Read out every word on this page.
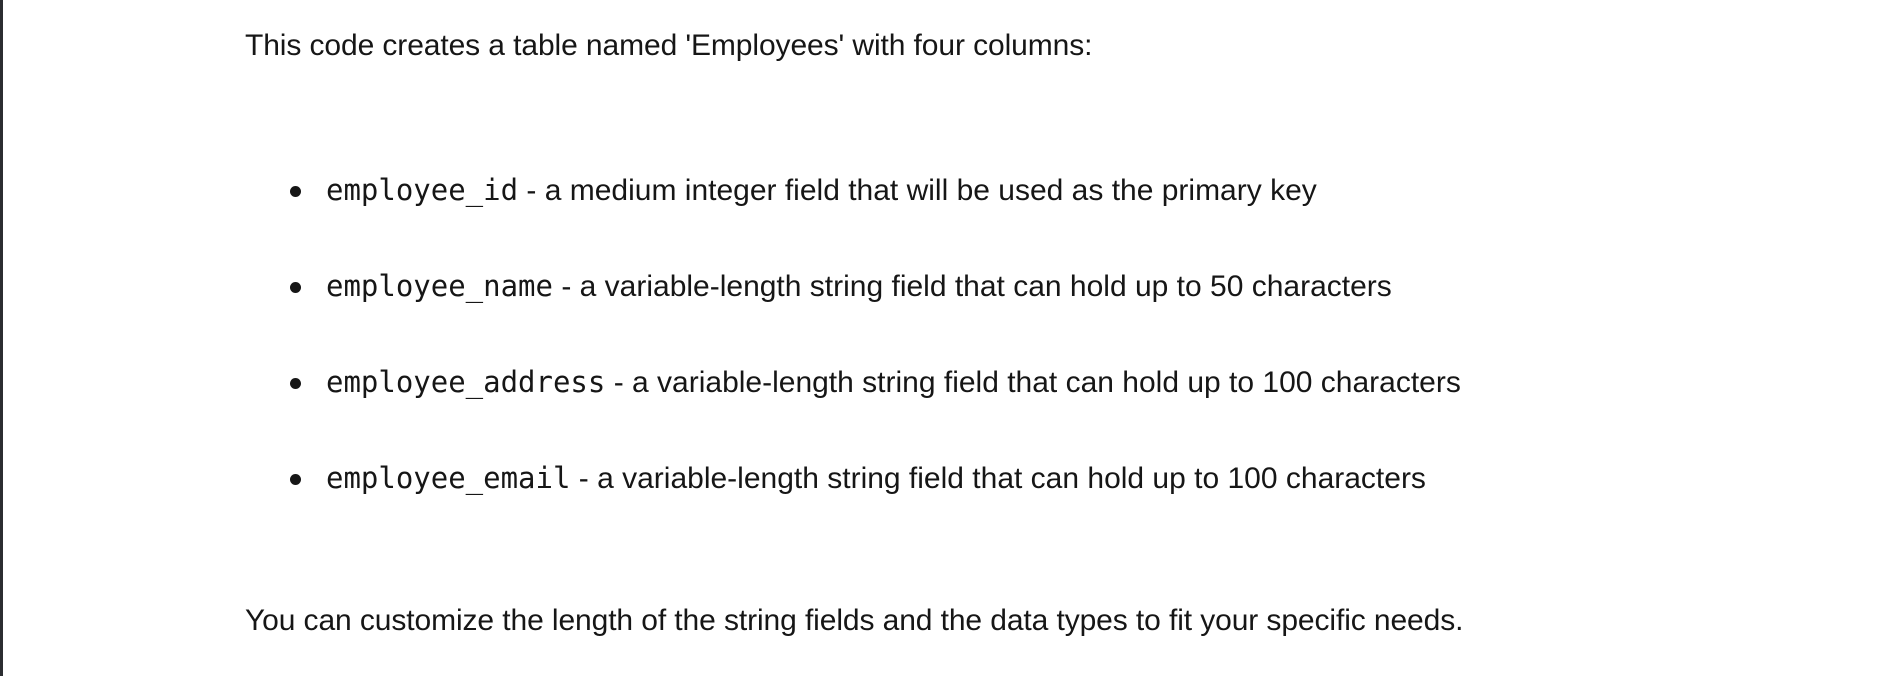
This code creates a table named 'Employees' with four columns:

employee_id - a medium integer field that will be used as the primary key
employee_name - a variable-length string field that can hold up to 50 characters
employee_address - a variable-length string field that can hold up to 100 characters
employee_email - a variable-length string field that can hold up to 100 characters

You can customize the length of the string fields and the data types to fit your specific needs.
